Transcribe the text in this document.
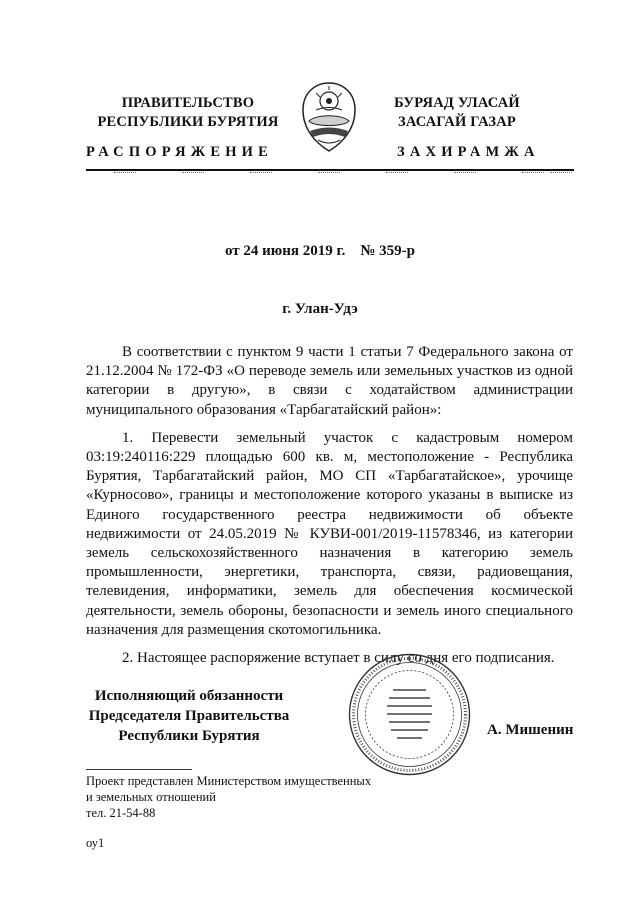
ПРАВИТЕЛЬСТВО
РЕСПУБЛИКИ БУРЯТИЯ
БУРЯАД УЛАСАЙ
ЗАСАГАЙ ГАЗАР
РАСПОРЯЖЕНИЕ	ЗАХИРАМЖА
от 24 июня 2019 г.    № 359-р
г. Улан-Удэ

В соответствии с пунктом 9 части 1 статьи 7 Федерального закона от 21.12.2004 № 172-ФЗ «О переводе земель или земельных участков из одной категории в другую», в связи с ходатайством администрации муниципального образования «Тарбагатайский район»:

1. Перевести земельный участок с кадастровым номером 03:19:240116:229 площадью 600 кв. м, местоположение - Республика Бурятия, Тарбагатайский район, МО СП «Тарбагатайское», урочище «Курносово», границы и местоположение которого указаны в выписке из Единого государственного реестра недвижимости об объекте недвижимости от 24.05.2019 № КУВИ-001/2019-11578346, из категории земель сельскохозяйственного назначения в категорию земель промышленности, энергетики, транспорта, связи, радиовещания, телевидения, информатики, земель для обеспечения космической деятельности, земель обороны, безопасности и земель иного специального назначения для размещения скотомогильника.

2. Настоящее распоряжение вступает в силу со дня его подписания.

Исполняющий обязанности
Председателя Правительства
Республики Бурятия	А. Мишенин
Проект представлен Министерством имущественных
и земельных отношений
тел. 21-54-88
оу1
